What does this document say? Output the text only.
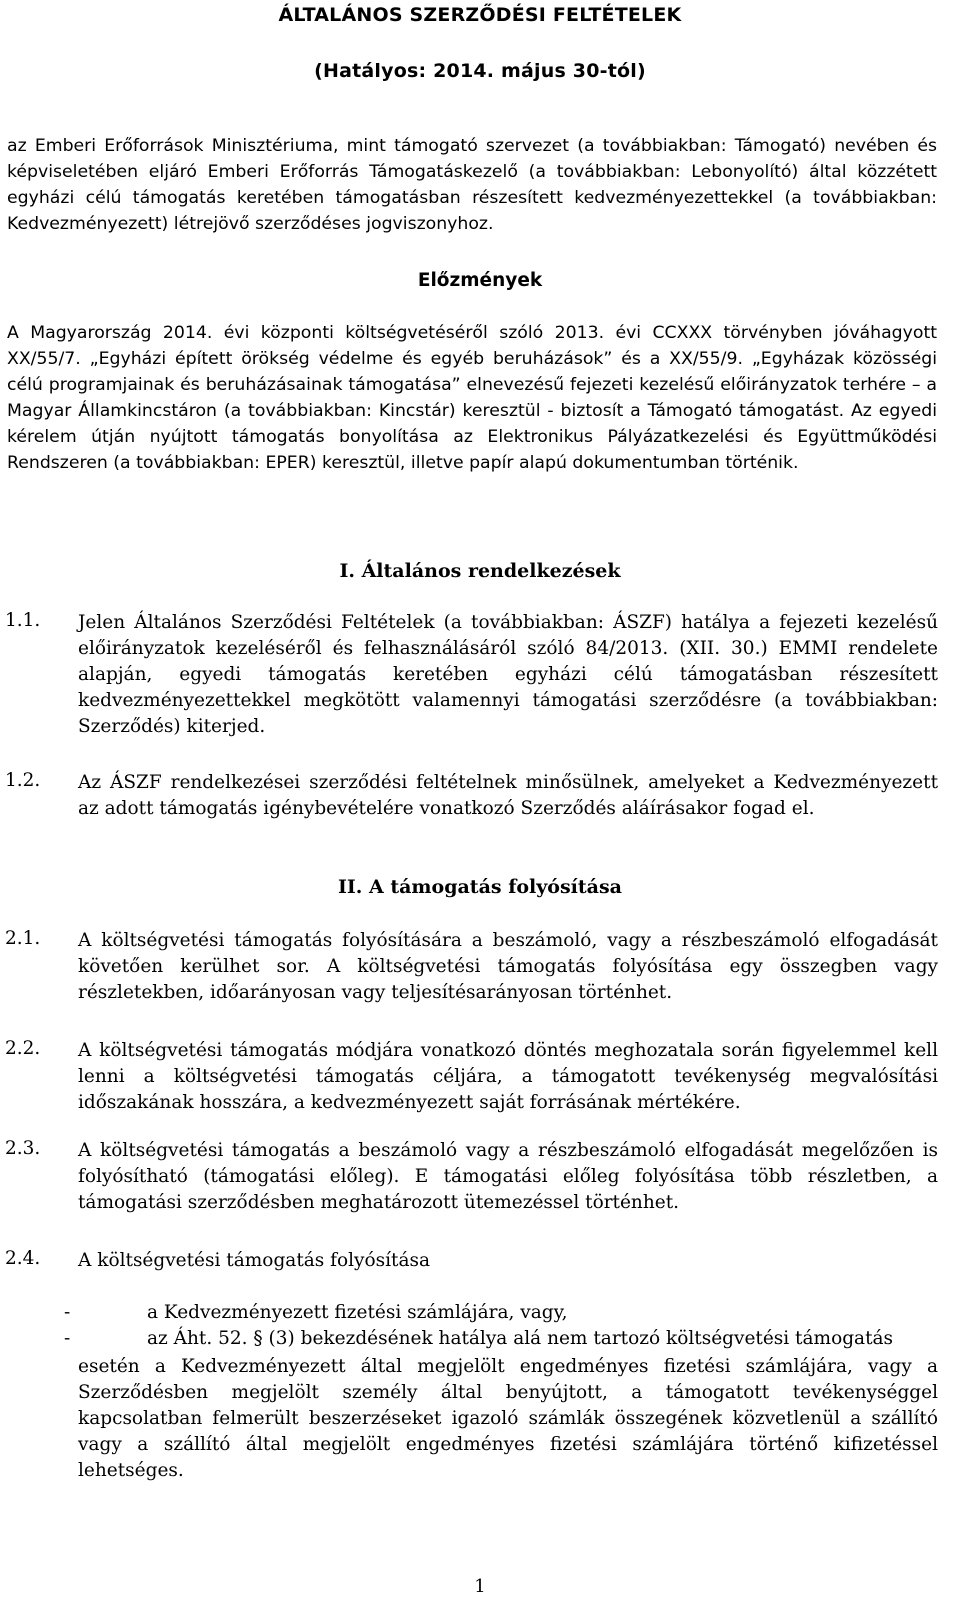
ÁLTALÁNOS SZERZŐDÉSI FELTÉTELEK
(Hatályos: 2014. május 30-tól)

az Emberi Erőforrások Minisztériuma, mint támogató szervezet (a továbbiakban: Támogató) nevében és képviseletében eljáró Emberi Erőforrás Támogatáskezelő (a továbbiakban: Lebonyolító) által közzétett egyházi célú támogatás keretében támogatásban részesített kedvezményezettekkel (a továbbiakban: Kedvezményezett) létrejövő szerződéses jogviszonyhoz.

Előzmények

A Magyarország 2014. évi központi költségvetéséről szóló 2013. évi CCXXX törvényben jóváhagyott XX/55/7. „Egyházi épített örökség védelme és egyéb beruházások” és a XX/55/9. „Egyházak közösségi célú programjainak és beruházásainak támogatása” elnevezésű fejezeti kezelésű előirányzatok terhére – a Magyar Államkincstáron (a továbbiakban: Kincstár) keresztül - biztosít a Támogató támogatást. Az egyedi kérelem útján nyújtott támogatás bonyolítása az Elektronikus Pályázatkezelési és Együttműködési Rendszeren (a továbbiakban: EPER) keresztül, illetve papír alapú dokumentumban történik.

I. Általános rendelkezések
1.1.	Jelen Általános Szerződési Feltételek (a továbbiakban: ÁSZF) hatálya a fejezeti kezelésű előirányzatok kezeléséről és felhasználásáról szóló 84/2013. (XII. 30.) EMMI rendelete alapján, egyedi támogatás keretében egyházi célú támogatásban részesített kedvezményezettekkel megkötött valamennyi támogatási szerződésre (a továbbiakban: Szerződés) kiterjed.

1.2.	Az ÁSZF rendelkezései szerződési feltételnek minősülnek, amelyeket a Kedvezményezett az adott támogatás igénybevételére vonatkozó Szerződés aláírásakor fogad el.

II. A támogatás folyósítása
2.1.	A költségvetési támogatás folyósítására a beszámoló, vagy a részbeszámoló elfogadását követően kerülhet sor. A költségvetési támogatás folyósítása egy összegben vagy részletekben, időarányosan vagy teljesítésarányosan történhet.

2.2.	A költségvetési támogatás módjára vonatkozó döntés meghozatala során figyelemmel kell lenni a költségvetési támogatás céljára, a támogatott tevékenység megvalósítási időszakának hosszára, a kedvezményezett saját forrásának mértékére.

2.3.	A költségvetési támogatás a beszámoló vagy a részbeszámoló elfogadását megelőzően is folyósítható (támogatási előleg). E támogatási előleg folyósítása több részletben, a támogatási szerződésben meghatározott ütemezéssel történhet.

2.4.	A költségvetési támogatás folyósítása

-	a Kedvezményezett fizetési számlájára, vagy,
-	az Áht. 52. § (3) bekezdésének hatálya alá nem tartozó költségvetési támogatás

esetén a Kedvezményezett által megjelölt engedményes fizetési számlájára, vagy a Szerződésben megjelölt személy által benyújtott, a támogatott tevékenységgel kapcsolatban felmerült beszerzéseket igazoló számlák összegének közvetlenül a szállító vagy a szállító által megjelölt engedményes fizetési számlájára történő kifizetéssel lehetséges.

1
